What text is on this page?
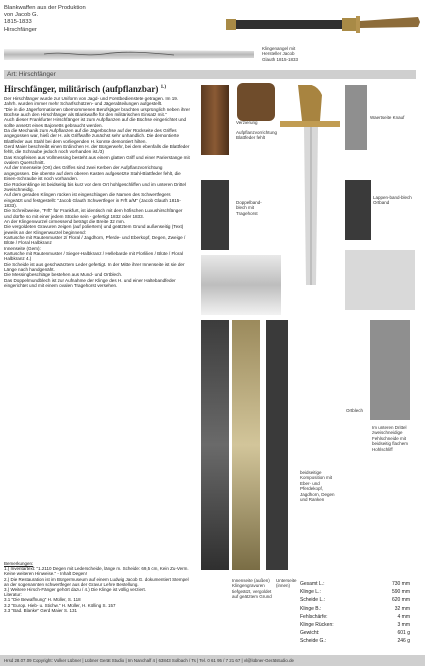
Blankwaffen aus der Produktion von Jacob G.
1815-1833
Hirschfänger
Klingenangel mit Hersteller Jacob Glauth 1815-1833
Art: Hirschfänger
Hirschfänger, militärisch (aufpflanzbar) $^{1.)}$

Der Hirschfänger wurde zur Uniform von Jagd- und Forstbedienstete getragen. Im 19. Jahrh. wurden immer mehr Scharfschützen- und Jägerabteilungen aufgestellt.

"Die in die Jägerformationen übernommenen Berufsjäger brachten ursprünglich neben ihrer Büchse auch den Hirschfänger als Blankwaffe für den militärischen Einsatz mit."

Auch dieser Frankfurter Hirschfänger ist zum Aufpflanzen auf die Büchse eingerichtet und sollte ansetzt eines Bajonetts gebraucht werden.

Da die Mechanik zum Aufpflanzen auf die Jägerbüchse auf der Rückseite des Griffes angegossen war, hieß der H. als Griffwaffe zunächst sehr unhandlich. Die demontierte Blattfeder aus Stahl bei dem vorliegenden H. konnte demontiert hilten.

Gerd Maier beschreibt einen Erdinchen H. der Bürgerwehr, bei dem ebenfalls die Blattfeder fehlt, die Schraube jedoch noch vorhanden ist./3)

Das Knopfeisen aus Vollmessing besteht aus einem glatten Griff und einer Parierstange mit ovalem Querschnitt.

Auf der Innenseite (Ort) des Griffes sind zwei Kerben der Aufpflanzvorrichtung angegossen. Die oberste auf dem oberen Kasten aufgesetzte Stahl-Blattfeder fehlt, die Eisen-Schraube ist noch vorhanden.

Die Rückenklinge ist beidseitig bis kurz vor dem Ort hohlgeschliffen und im unteren Drittel zweischneidig.

Auf dem geraden Klingen rücken ist eingeschlagen die Namen des Schwertfegers eingeätzt und festgestellt: "Jacob Glauth Schwertfeger in Frft a/M" (Jacob Glauth 1815-1833).

Die Schreibweise, "Frft" für Frankfurt, ist identisch mit dem höfischen Luxushirschfänger und dürfte so mit einer jedem Stücke sein - gefertigt 1832 oder 1833.

An der Klingenwurzel cirmessend beträgt die Breite 32 mm.

Die vergoldeten Gravuren zeigen (auf poliertem) und geätztem Grund außenseitig (Text) jeweils an der Klingenwurzel beginnend:

Kartusche mit Rautenmuster 2/ Floral / Jagdhorn, Pferde- und Eberkopf, Degen, Zweige / Blüte / Floral Halbkranz

Innenseite (Gem):

Kartusche mit Rautenmuster / Sieger-Halbkranz / Hellebarde mit Florlilien / Blüte / Floral Halbkranz 4.)

Die Scheide ist aus geschwärztem Leder gefertigt. In der Mitte ihrer Innenseite ist sie der Länge nach handgenäht.

Die Messingbeschläge bestehen aus Mund- und Ortblech.

Das Doppelmundblech ist zur Aufnahme der Klinge des H. und einer Haltebandfeder eingerichtet und mit einem ovalen Tragehorst versehen.

Bemerkungen:
1.) Inventartext: "1.2110 Degen mit Lederscheide, länge m. Scheide: 69,5 cm, Kein Zu-Verm. Keine weiteren Hinweise." - Inhalt Degen!
2.) Die Restauration ist im Bürgermuseum auf einem Ludwig Jacob G. dokumentiert Stempel an der sogenannten schwertfeger aus der Gravur Lehre Bestellung.
3.) Weitere Hirsch-Fänger gehört dazu / 4.) Die Klinge ist völlig verziert.
Literatur:
3.1 "Die Bewaffnung" H. Müller, S. 118
3.2 "Europ. Hieb- u. Stichw." H. Müller, H. Kölling S. 157
3.3 "Bad. Blanke" Gerd Maier S. 131
Verzierung
Aufpflanzvorrichtung Blattfeder fehlt
Waertseite Knauf
Doppelband-blech mit Tragehorst
Lappen-band-blech Ortband
Ortblech
beidseitige Komposition mit Eber- und Pferdekopf, Jagdhorn, Degen und Ranken
Im unteren Drittel zweischneidige Fehlschneide mit beidseitig flachem Hohlschliff
Innenseite (außen) Klingengravuren tiefgeätzt, vergoldet auf geätztem Grund
Unterseite (innen)	Gesamt L.:	730 mm
Klinge L.:	590 mm
Scheide L.:	620 mm
Klinge B.:	32 mm
Fehlschärfe:	4 mm
Klinge Rücken:	3 mm
Gewicht:	601 g
Scheide G.:	246 g
Hrsd 28.07.09 Copyright: Volker Lübner | Lübner Gerät Studio | Im Nanchalf 4 | 63843 Solbach / Ts | Tel. 0 61 95 / 7 21 67 | vl@lübner-Gerätstudio.de
